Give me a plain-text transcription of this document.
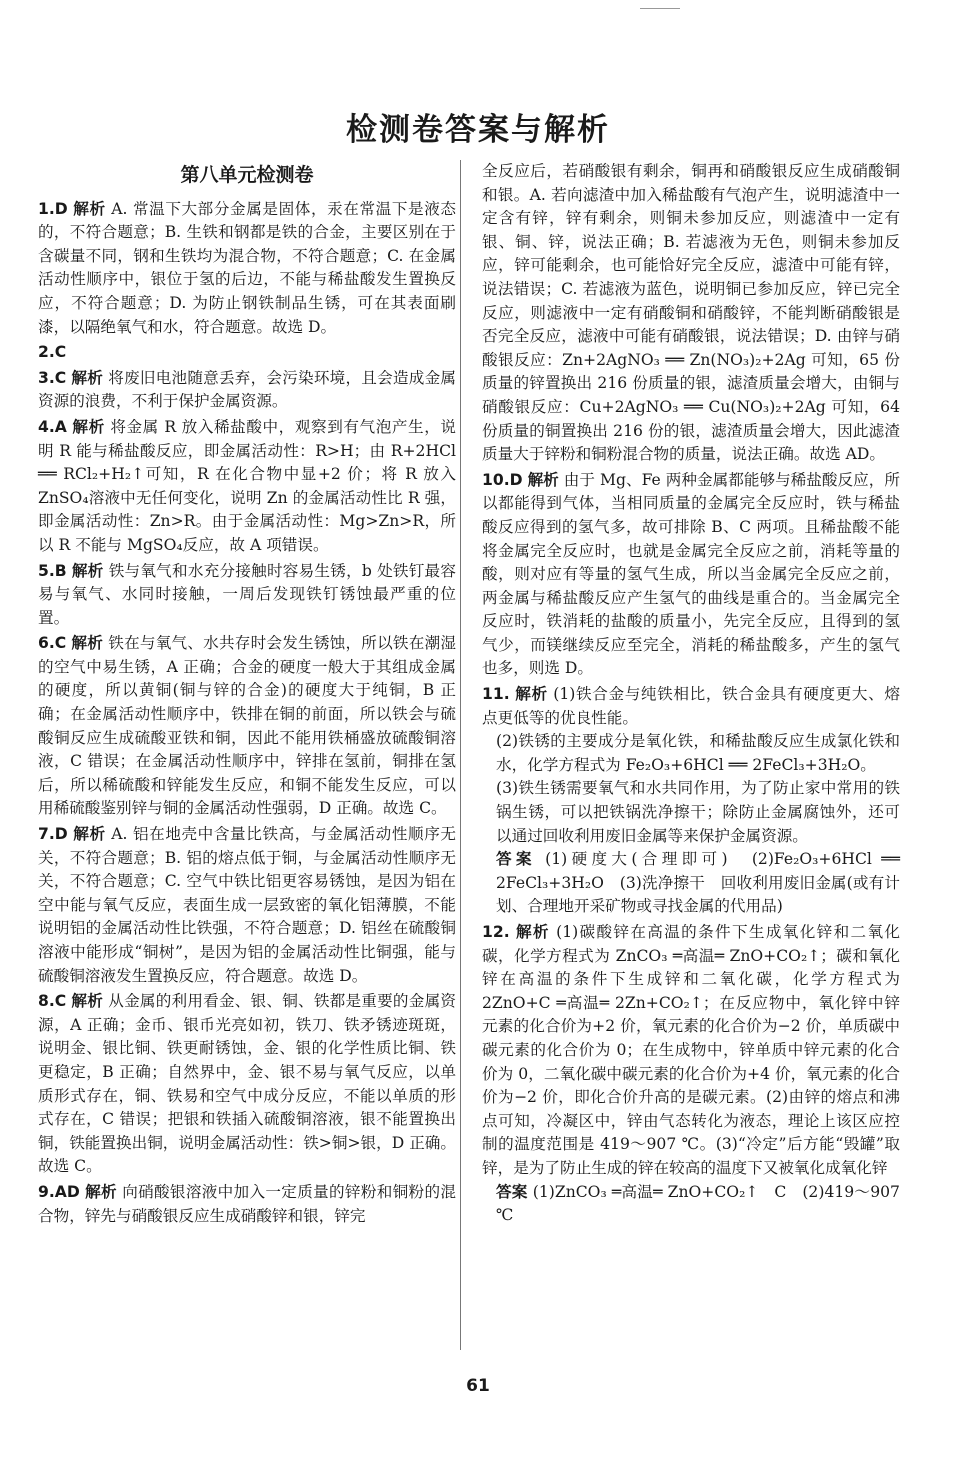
检测卷答案与解析
第八单元检测卷

1.D 解析 A. 常温下大部分金属是固体，汞在常温下是液态的，不符合题意；B. 生铁和钢都是铁的合金，主要区别在于含碳量不同，钢和生铁均为混合物，不符合题意；C. 在金属活动性顺序中，银位于氢的后边，不能与稀盐酸发生置换反应，不符合题意；D. 为防止钢铁制品生锈，可在其表面刷漆，以隔绝氧气和水，符合题意。故选 D。

2.C

3.C 解析 将废旧电池随意丢弃，会污染环境，且会造成金属资源的浪费，不利于保护金属资源。

4.A 解析 将金属 R 放入稀盐酸中，观察到有气泡产生，说明 R 能与稀盐酸反应，即金属活动性：R>H；由 R+2HCl ══ RCl₂+H₂↑可知，R 在化合物中显+2 价；将 R 放入 ZnSO₄溶液中无任何变化，说明 Zn 的金属活动性比 R 强，即金属活动性：Zn>R。由于金属活动性：Mg>Zn>R，所以 R 不能与 MgSO₄反应，故 A 项错误。

5.B 解析 铁与氧气和水充分接触时容易生锈，b 处铁钉最容易与氧气、水同时接触，一周后发现铁钉锈蚀最严重的位置。

6.C 解析 铁在与氧气、水共存时会发生锈蚀，所以铁在潮湿的空气中易生锈，A 正确；合金的硬度一般大于其组成金属的硬度，所以黄铜(铜与锌的合金)的硬度大于纯铜，B 正确；在金属活动性顺序中，铁排在铜的前面，所以铁会与硫酸铜反应生成硫酸亚铁和铜，因此不能用铁桶盛放硫酸铜溶液，C 错误；在金属活动性顺序中，锌排在氢前，铜排在氢后，所以稀硫酸和锌能发生反应，和铜不能发生反应，可以用稀硫酸鉴别锌与铜的金属活动性强弱，D 正确。故选 C。

7.D 解析 A. 铝在地壳中含量比铁高，与金属活动性顺序无关，不符合题意；B. 铝的熔点低于铜，与金属活动性顺序无关，不符合题意；C. 空气中铁比铝更容易锈蚀，是因为铝在空中能与氧气反应，表面生成一层致密的氧化铝薄膜，不能说明铝的金属活动性比铁强，不符合题意；D. 铝丝在硫酸铜溶液中能形成“铜树”，是因为铝的金属活动性比铜强，能与硫酸铜溶液发生置换反应，符合题意。故选 D。

8.C 解析 从金属的利用看金、银、铜、铁都是重要的金属资源，A 正确；金币、银币光亮如初，铁刀、铁矛锈迹斑斑，说明金、银比铜、铁更耐锈蚀，金、银的化学性质比铜、铁更稳定，B 正确；自然界中，金、银不易与氧气反应，以单质形式存在，铜、铁易和空气中成分反应，不能以单质的形式存在，C 错误；把银和铁插入硫酸铜溶液，银不能置换出铜，铁能置换出铜，说明金属活动性：铁>铜>银，D 正确。故选 C。

9.AD 解析 向硝酸银溶液中加入一定质量的锌粉和铜粉的混合物，锌先与硝酸银反应生成硝酸锌和银，锌完

全反应后，若硝酸银有剩余，铜再和硝酸银反应生成硝酸铜和银。A. 若向滤渣中加入稀盐酸有气泡产生，说明滤渣中一定含有锌，锌有剩余，则铜未参加反应，则滤渣中一定有银、铜、锌，说法正确；B. 若滤液为无色，则铜未参加反应，锌可能剩余，也可能恰好完全反应，滤渣中可能有锌，说法错误；C. 若滤液为蓝色，说明铜已参加反应，锌已完全反应，则滤液中一定有硝酸铜和硝酸锌，不能判断硝酸银是否完全反应，滤液中可能有硝酸银，说法错误；D. 由锌与硝酸银反应：Zn+2AgNO₃ ══ Zn(NO₃)₂+2Ag 可知，65 份质量的锌置换出 216 份质量的银，滤渣质量会增大，由铜与硝酸银反应：Cu+2AgNO₃ ══ Cu(NO₃)₂+2Ag 可知，64 份质量的铜置换出 216 份的银，滤渣质量会增大，因此滤渣质量大于锌粉和铜粉混合物的质量，说法正确。故选 AD。

10.D 解析 由于 Mg、Fe 两种金属都能够与稀盐酸反应，所以都能得到气体，当相同质量的金属完全反应时，铁与稀盐酸反应得到的氢气多，故可排除 B、C 两项。且稀盐酸不能将金属完全反应时，也就是金属完全反应之前，消耗等量的酸，则对应有等量的氢气生成，所以当金属完全反应之前，两金属与稀盐酸反应产生氢气的曲线是重合的。当金属完全反应时，铁消耗的盐酸的质量小，先完全反应，且得到的氢气少，而镁继续反应至完全，消耗的稀盐酸多，产生的氢气也多，则选 D。

11. 解析 (1)铁合金与纯铁相比，铁合金具有硬度更大、熔点更低等的优良性能。

(2)铁锈的主要成分是氧化铁，和稀盐酸反应生成氯化铁和水，化学方程式为 Fe₂O₃+6HCl ══ 2FeCl₃+3H₂O。

(3)铁生锈需要氧气和水共同作用，为了防止家中常用的铁锅生锈，可以把铁锅洗净擦干；除防止金属腐蚀外，还可以通过回收利用废旧金属等来保护金属资源。

答案 (1)硬度大(合理即可)　(2)Fe₂O₃+6HCl ══ 2FeCl₃+3H₂O　(3)洗净擦干　回收利用废旧金属(或有计划、合理地开采矿物或寻找金属的代用品)

12. 解析 (1)碳酸锌在高温的条件下生成氧化锌和二氧化碳，化学方程式为 ZnCO₃ ═高温═ ZnO+CO₂↑；碳和氧化锌在高温的条件下生成锌和二氧化碳，化学方程式为 2ZnO+C ═高温═ 2Zn+CO₂↑；在反应物中，氧化锌中锌元素的化合价为+2 价，氧元素的化合价为−2 价，单质碳中碳元素的化合价为 0；在生成物中，锌单质中锌元素的化合价为 0，二氧化碳中碳元素的化合价为+4 价，氧元素的化合价为−2 价，即化合价升高的是碳元素。(2)由锌的熔点和沸点可知，冷凝区中，锌由气态转化为液态，理论上该区应控制的温度范围是 419～907 ℃。(3)“冷定”后方能“毁罐”取锌，是为了防止生成的锌在较高的温度下又被氧化成氧化锌

答案 (1)ZnCO₃ ═高温═ ZnO+CO₂↑　C　(2)419～907 ℃

61
